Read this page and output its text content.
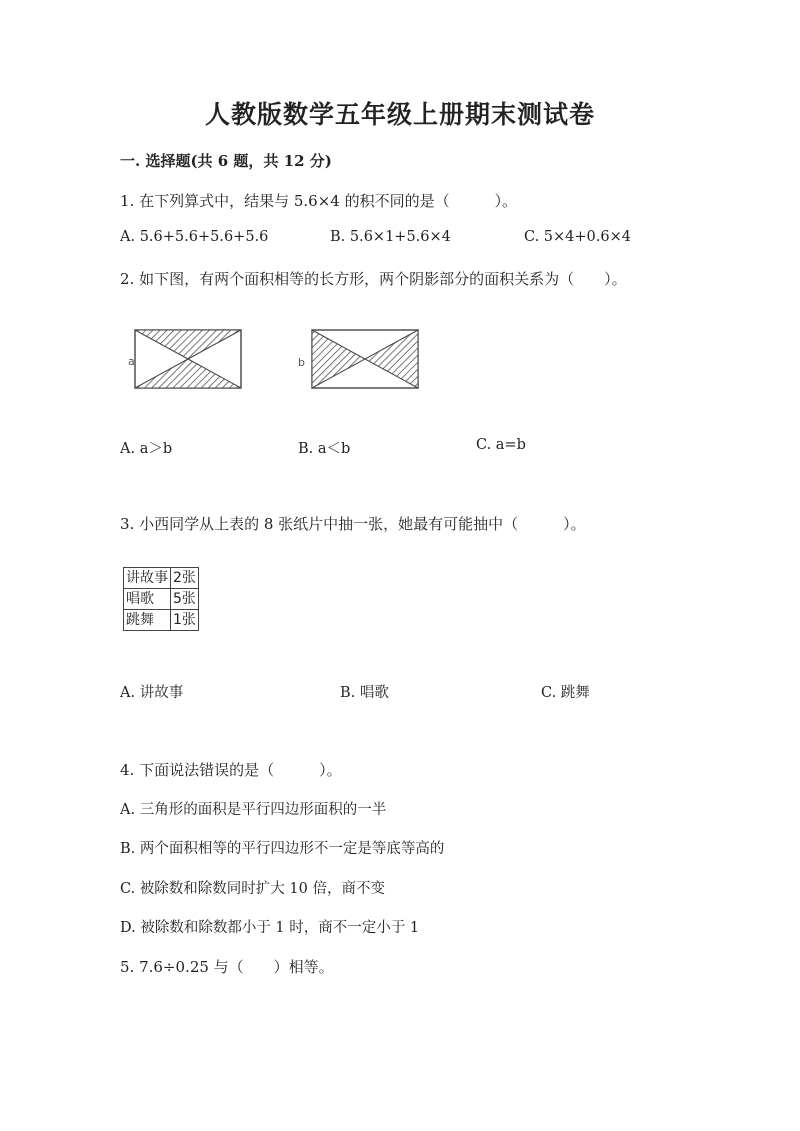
人教版数学五年级上册期末测试卷
一. 选择题(共 6 题，共 12 分)
1. 在下列算式中，结果与 5.6×4 的积不同的是（　　　）。
A. 5.6+5.6+5.6+5.6	B. 5.6×1+5.6×4	C. 5×4+0.6×4
2. 如下图，有两个面积相等的长方形，两个阴影部分的面积关系为（　　）。
a	b
A. a＞b	B. a＜b	C. a=b
3. 小西同学从上表的 8 张纸片中抽一张，她最有可能抽中（　　　）。
讲故事	2张
唱歌	5张
跳舞	1张
A. 讲故事	B. 唱歌	C. 跳舞
4. 下面说法错误的是（　　　）。
A. 三角形的面积是平行四边形面积的一半
B. 两个面积相等的平行四边形不一定是等底等高的
C. 被除数和除数同时扩大 10 倍，商不变
D. 被除数和除数都小于 1 时，商不一定小于 1
5. 7.6÷0.25 与（　　）相等。
